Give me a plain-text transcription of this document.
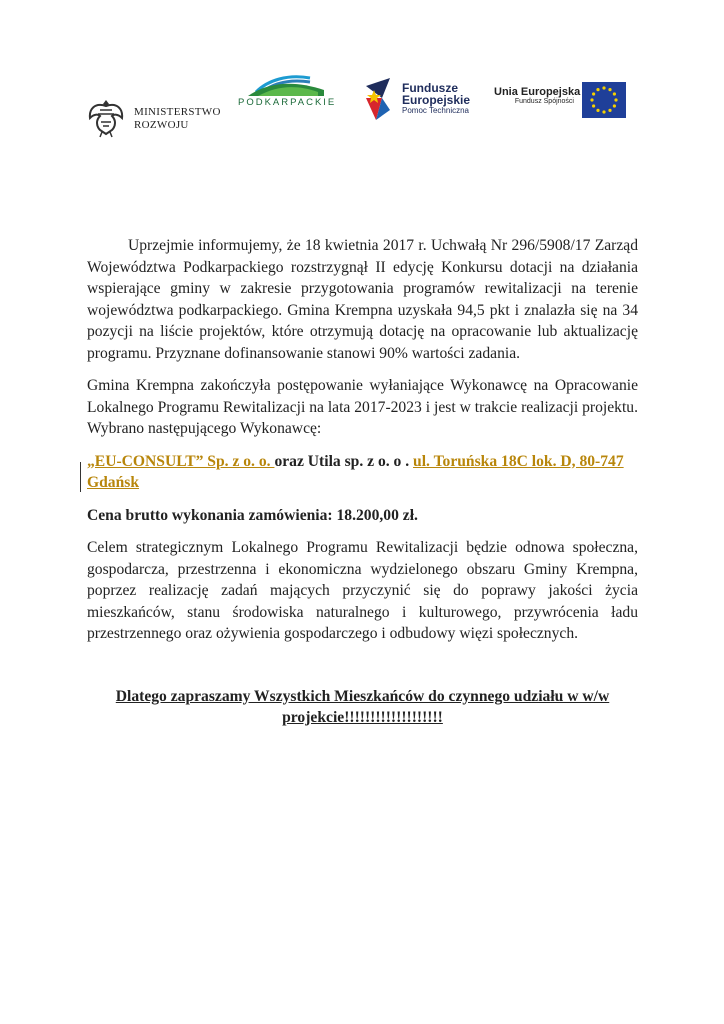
MINISTERSTWO
ROZWOJU
PODKARPACKIE
Fundusze
Europejskie
Pomoc Techniczna
Unia Europejska
Fundusz Spójności

Uprzejmie informujemy, że 18 kwietnia 2017 r. Uchwałą Nr 296/5908/17 Zarząd Województwa Podkarpackiego rozstrzygnął II edycję Konkursu dotacji na działania wspierające gminy w zakresie przygotowania programów rewitalizacji na terenie województwa podkarpackiego. Gmina Krempna uzyskała 94,5 pkt i znalazła się na 34 pozycji na liście projektów, które otrzymują dotację na opracowanie lub aktualizację programu. Przyznane dofinansowanie stanowi 90% wartości zadania.

Gmina Krempna zakończyła postępowanie wyłaniające Wykonawcę na Opracowanie Lokalnego Programu Rewitalizacji na lata 2017-2023 i jest w trakcie realizacji projektu. Wybrano następującego Wykonawcę:

„EU-CONSULT” Sp. z o. o. oraz Utila sp. z o. o . ul. Toruńska 18C lok. D, 80-747 Gdańsk

Cena brutto wykonania zamówienia: 18.200,00 zł.

Celem strategicznym Lokalnego Programu Rewitalizacji będzie odnowa społeczna, gospodarcza, przestrzenna i ekonomiczna wydzielonego obszaru Gminy Krempna, poprzez realizację zadań mających przyczynić się do poprawy jakości życia mieszkańców, stanu środowiska naturalnego i kulturowego, przywrócenia ładu przestrzennego oraz ożywienia gospodarczego i odbudowy więzi społecznych.

Dlatego zapraszamy Wszystkich Mieszkańców do czynnego udziału w w/w projekcie!!!!!!!!!!!!!!!!!!!
